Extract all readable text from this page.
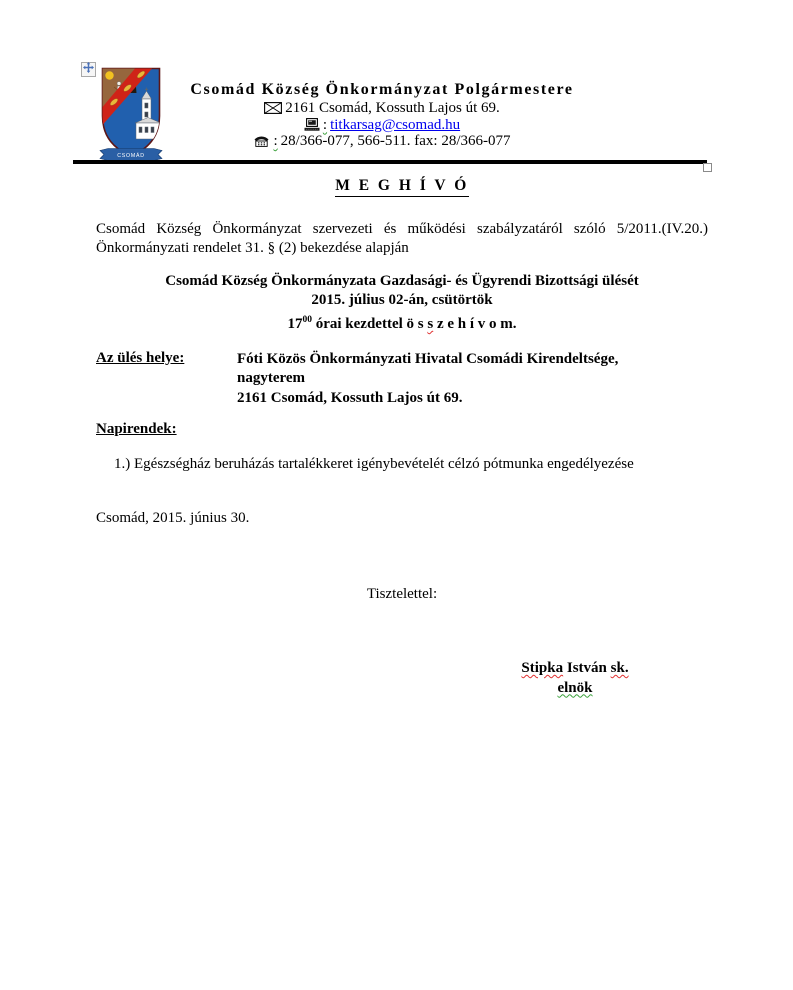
CSOMÁD
Csomád Község Önkormányzat Polgármestere
2161 Csomád, Kossuth Lajos út 69.
: titkarsag@csomad.hu
: 28/366-077, 566-511. fax: 28/366-077
M E G H Í V Ó
Csomád Község Önkormányzat szervezeti és működési szabályzatáról szóló 5/2011.(IV.20.)
Önkormányzati rendelet 31. § (2) bekezdése alapján
Csomád Község Önkormányzata Gazdasági- és Ügyrendi Bizottsági ülését
2015. július 02-án, csütörtök
$17^{00}$ órai kezdettel ö s s z e h í v o m.
Az ülés helye:	Fóti Közös Önkormányzati Hivatal Csomádi Kirendeltsége,
nagyterem
2161 Csomád, Kossuth Lajos út 69.
Napirendek:
1.) Egészségház beruházás tartalékkeret igénybevételét célzó pótmunka engedélyezése
Csomád, 2015. június 30.
Tisztelettel:
Stipka István sk.
elnök
